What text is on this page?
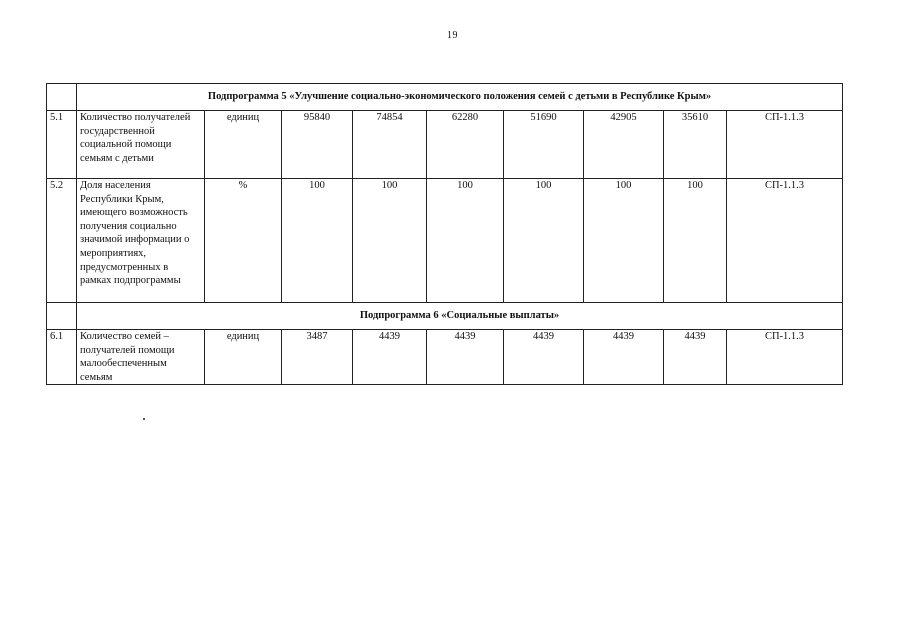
19
	Подпрограмма 5 «Улучшение социально-экономического положения семей с детьми в Республике Крым»								
5.1	Количество получателей государственной социальной помощи семьям с детьми	единиц	95840	74854	62280	51690	42905	35610	СП-1.1.3
5.2	Доля населения Республики Крым, имеющего возможность получения социально значимой информации о мероприятиях, предусмотренных в рамках подпрограммы	%	100	100	100	100	100	100	СП-1.1.3
	Подпрограмма 6 «Социальные выплаты»								
6.1	Количество семей – получателей помощи малообеспеченным семьям	единиц	3487	4439	4439	4439	4439	4439	СП-1.1.3
